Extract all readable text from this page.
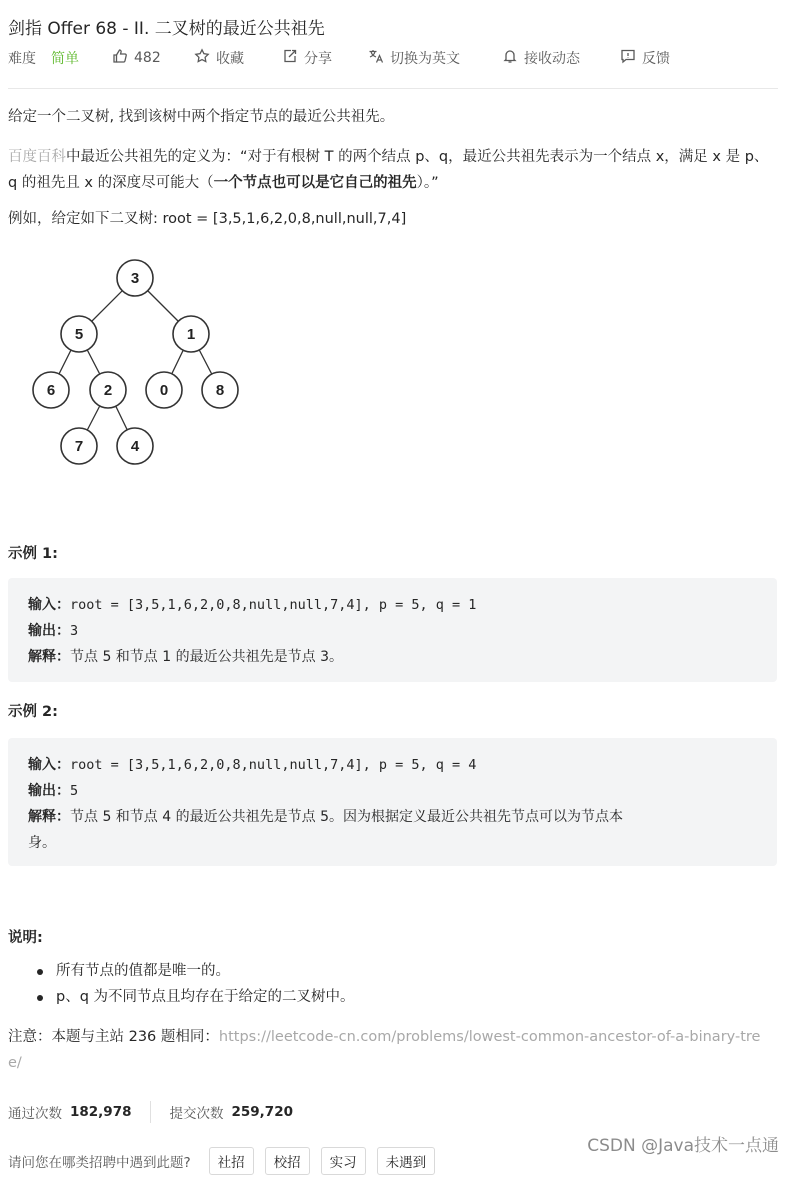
剑指 Offer 68 - II. 二叉树的最近公共祖先
难度 简单	482	收藏	分享	切换为英文	接收动态	反馈
给定一个二叉树, 找到该树中两个指定节点的最近公共祖先。
百度百科中最近公共祖先的定义为：“对于有根树 T 的两个结点 p、q，最近公共祖先表示为一个结点 x，满足 x 是 p、q 的祖先且 x 的深度尽可能大（一个节点也可以是它自己的祖先）。”
例如，给定如下二叉树: root = [3,5,1,6,2,0,8,null,null,7,4]
3
5	1
6	2	0	8
7	4
示例 1:
输入：root = [3,5,1,6,2,0,8,null,null,7,4], p = 5, q = 1
输出：3
解释：节点 5 和节点 1 的最近公共祖先是节点 3。
示例 2:
输入：root = [3,5,1,6,2,0,8,null,null,7,4], p = 5, q = 4
输出：5
解释：节点 5 和节点 4 的最近公共祖先是节点 5。因为根据定义最近公共祖先节点可以为节点本
身。
说明:
所有节点的值都是唯一的。
p、q 为不同节点且均存在于给定的二叉树中。
注意：本题与主站 236 题相同：https://leetcode-cn.com/problems/lowest-common-ancestor-of-a-binary-tree/
通过次数 182,978	提交次数 259,720
请问您在哪类招聘中遇到此题?	社招	校招	实习	未遇到
CSDN @Java技术一点通
